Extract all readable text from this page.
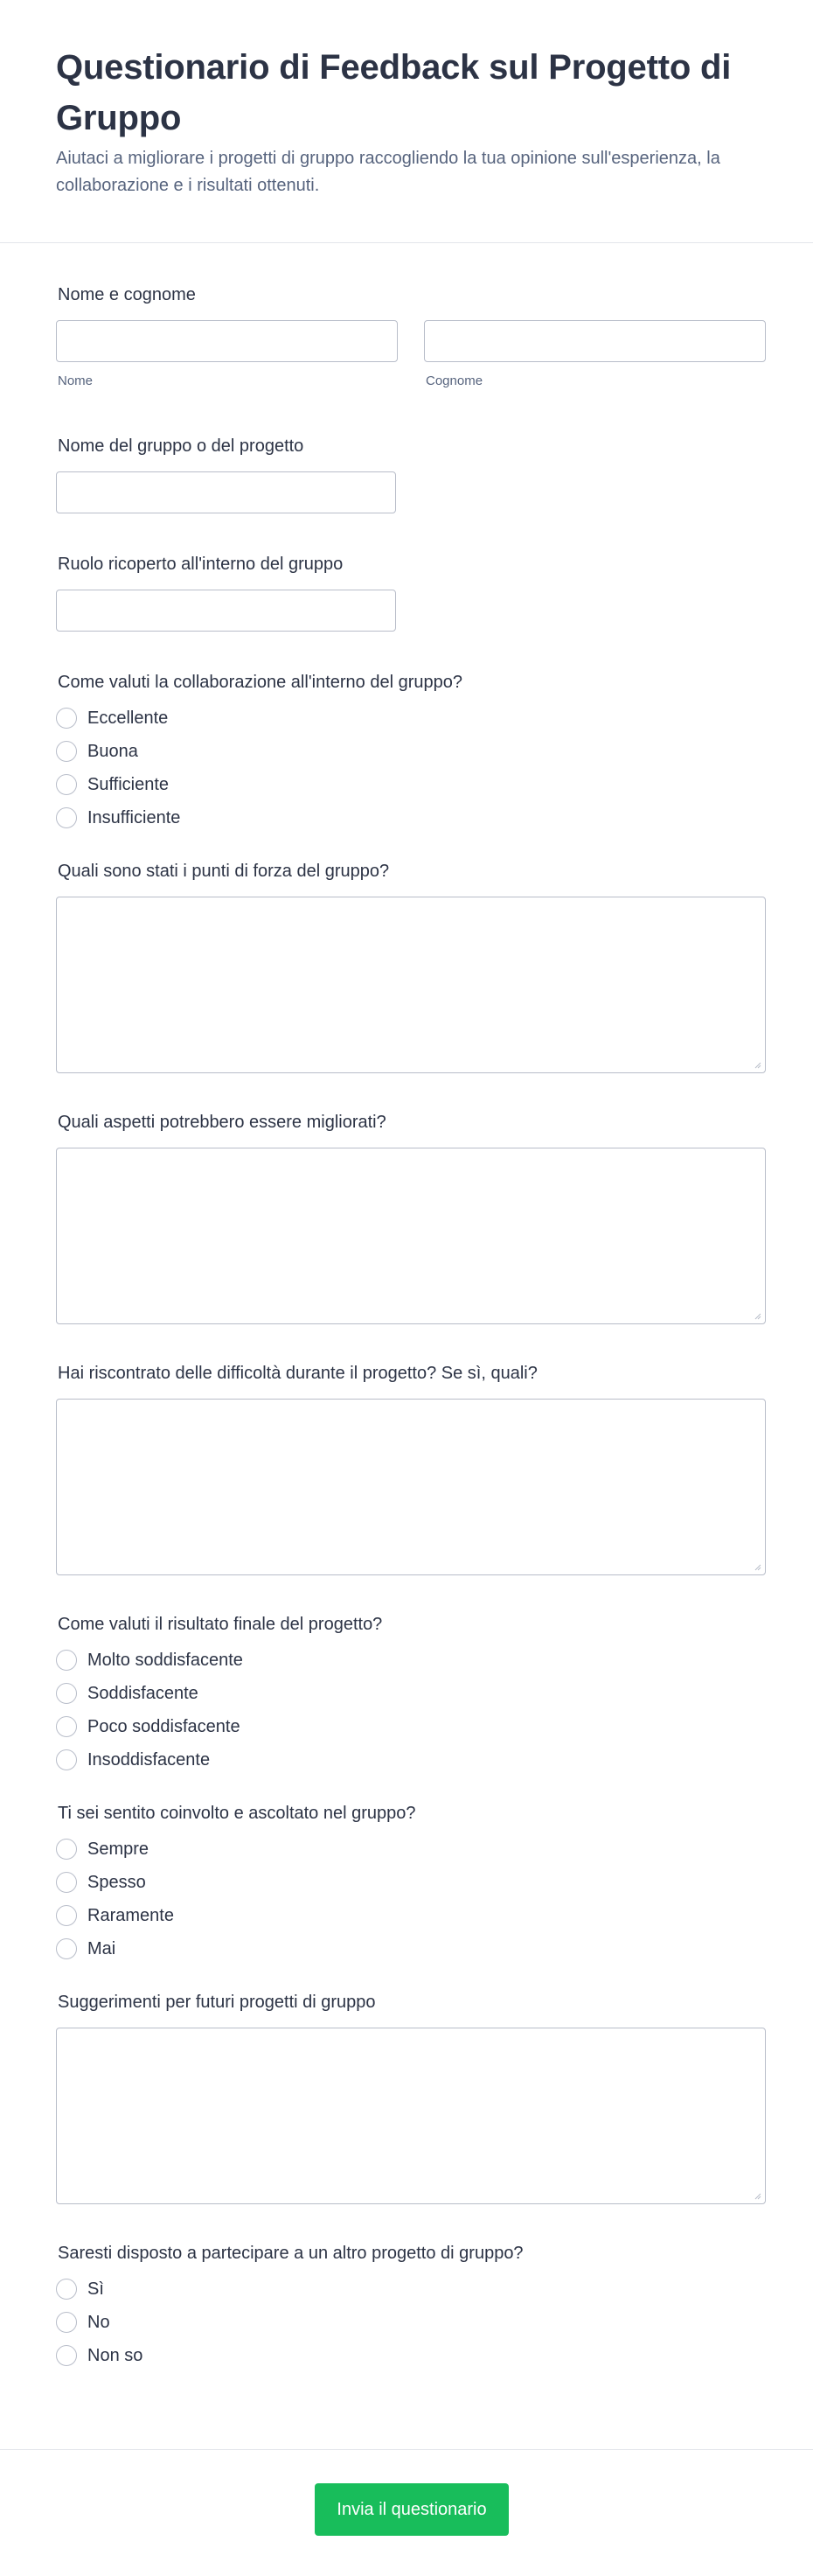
Questionario di Feedback sul Progetto di Gruppo

Aiutaci a migliorare i progetti di gruppo raccogliendo la tua opinione sull'esperienza, la collaborazione e i risultati ottenuti.

Nome e cognome
Nome	Cognome
Nome del gruppo o del progetto
Ruolo ricoperto all'interno del gruppo
Come valuti la collaborazione all'interno del gruppo?
Eccellente
Buona
Sufficiente
Insufficiente
Quali sono stati i punti di forza del gruppo?
Quali aspetti potrebbero essere migliorati?
Hai riscontrato delle difficoltà durante il progetto? Se sì, quali?
Come valuti il risultato finale del progetto?
Molto soddisfacente
Soddisfacente
Poco soddisfacente
Insoddisfacente
Ti sei sentito coinvolto e ascoltato nel gruppo?
Sempre
Spesso
Raramente
Mai
Suggerimenti per futuri progetti di gruppo
Saresti disposto a partecipare a un altro progetto di gruppo?
Sì
No
Non so
Invia il questionario
